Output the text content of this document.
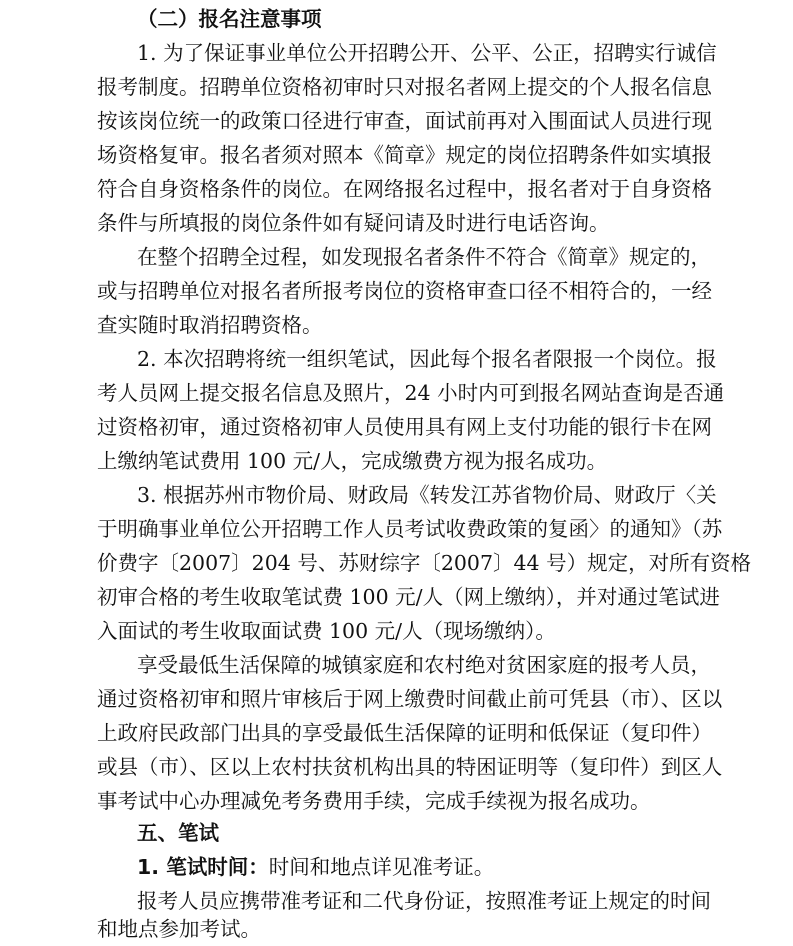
（二）报名注意事项
1. 为了保证事业单位公开招聘公开、公平、公正，招聘实行诚信
报考制度。招聘单位资格初审时只对报名者网上提交的个人报名信息
按该岗位统一的政策口径进行审查，面试前再对入围面试人员进行现
场资格复审。报名者须对照本《简章》规定的岗位招聘条件如实填报
符合自身资格条件的岗位。在网络报名过程中，报名者对于自身资格
条件与所填报的岗位条件如有疑问请及时进行电话咨询。
在整个招聘全过程，如发现报名者条件不符合《简章》规定的，
或与招聘单位对报名者所报考岗位的资格审查口径不相符合的，一经
查实随时取消招聘资格。
2. 本次招聘将统一组织笔试，因此每个报名者限报一个岗位。报
考人员网上提交报名信息及照片，24 小时内可到报名网站查询是否通
过资格初审，通过资格初审人员使用具有网上支付功能的银行卡在网
上缴纳笔试费用 100 元/人，完成缴费方视为报名成功。
3. 根据苏州市物价局、财政局《转发江苏省物价局、财政厅〈关
于明确事业单位公开招聘工作人员考试收费政策的复函〉的通知》（苏
价费字〔2007〕204 号、苏财综字〔2007〕44 号）规定，对所有资格
初审合格的考生收取笔试费 100 元/人（网上缴纳），并对通过笔试进
入面试的考生收取面试费 100 元/人（现场缴纳）。
享受最低生活保障的城镇家庭和农村绝对贫困家庭的报考人员，
通过资格初审和照片审核后于网上缴费时间截止前可凭县（市）、区以
上政府民政部门出具的享受最低生活保障的证明和低保证（复印件）
或县（市）、区以上农村扶贫机构出具的特困证明等（复印件）到区人
事考试中心办理减免考务费用手续，完成手续视为报名成功。
五、笔试
1. 笔试时间：时间和地点详见准考证。
报考人员应携带准考证和二代身份证，按照准考证上规定的时间
和地点参加考试。
